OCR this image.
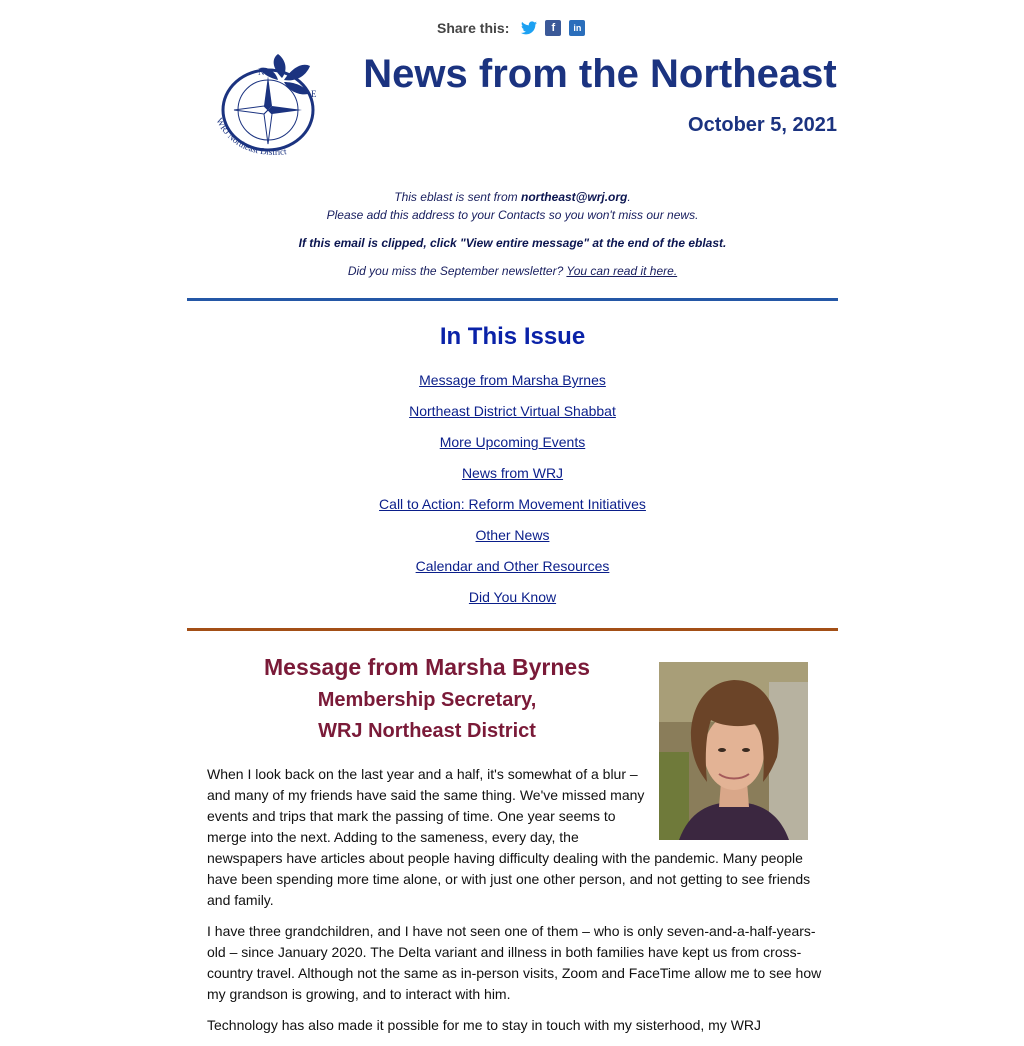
Share this:	f	in
N
E
WRJ Northeast District
News from the Northeast
October 5, 2021

This eblast is sent from northeast@wrj.org.

Please add this address to your Contacts so you won't miss our news.

If this email is clipped, click "View entire message" at the end of the eblast.

Did you miss the September newsletter? You can read it here.

In This Issue
Message from Marsha Byrnes
Northeast District Virtual Shabbat
More Upcoming Events
News from WRJ
Call to Action: Reform Movement Initiatives
Other News
Calendar and Other Resources
Did You Know
Message from Marsha Byrnes
Membership Secretary,
WRJ Northeast District

When I look back on the last year and a half, it's somewhat of a blur – and many of my friends have said the same thing. We've missed many events and trips that mark the passing of time. One year seems to merge into the next. Adding to the sameness, every day, the newspapers have articles about people having difficulty dealing with the pandemic. Many people have been spending more time alone, or with just one other person, and not getting to see friends and family.

I have three grandchildren, and I have not seen one of them – who is only seven-and-a-half-years-old – since January 2020. The Delta variant and illness in both families have kept us from cross-country travel. Although not the same as in-person visits, Zoom and FaceTime allow me to see how my grandson is growing, and to interact with him.

Technology has also made it possible for me to stay in touch with my sisterhood, my WRJ
